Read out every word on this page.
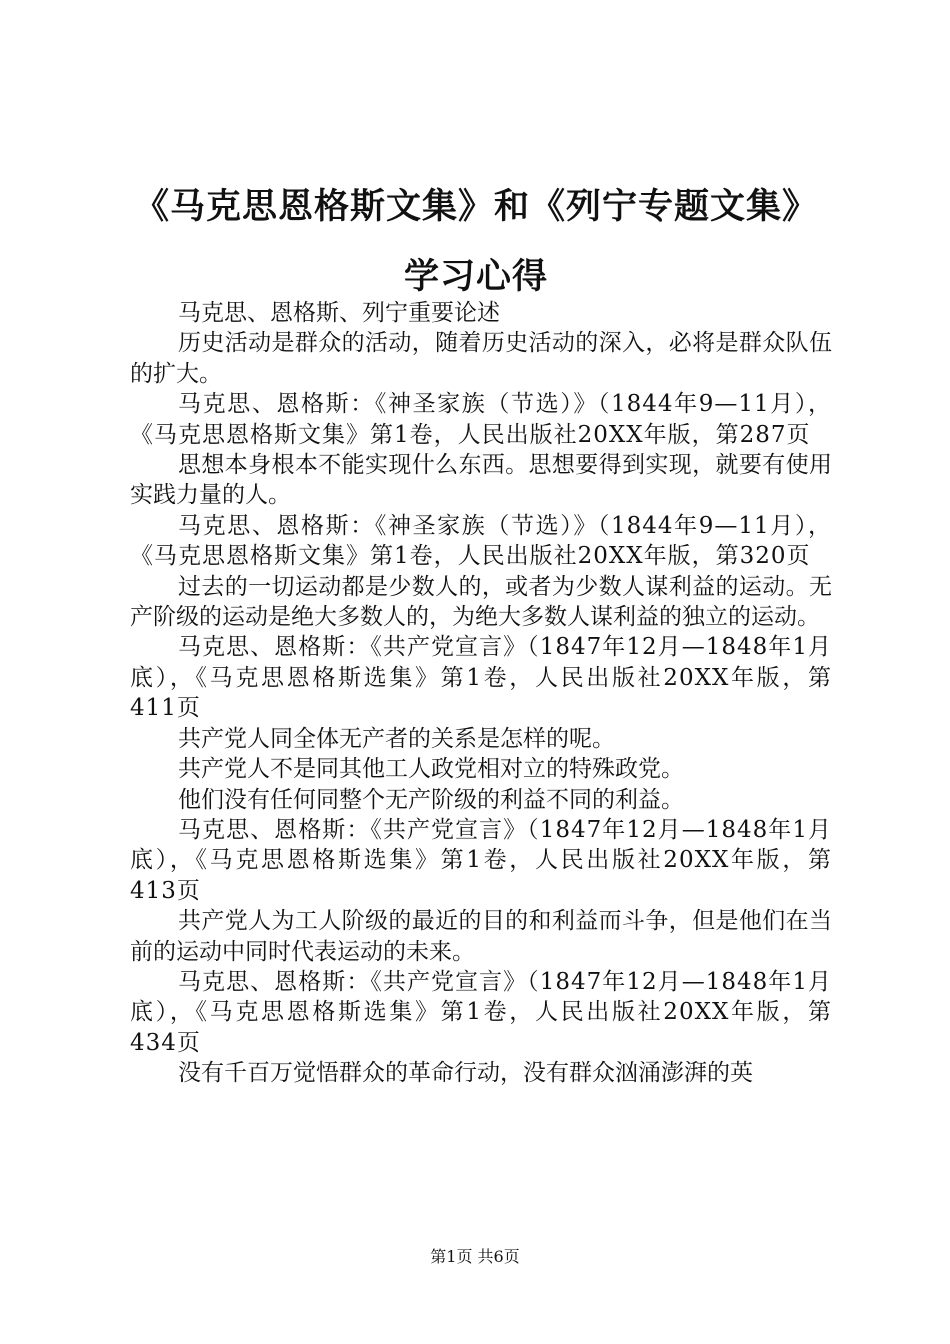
《马克思恩格斯文集》和《列宁专题文集》学习心得

马克思、恩格斯、列宁重要论述

历史活动是群众的活动，随着历史活动的深入，必将是群众队伍的扩大。

马克思、恩格斯：《神圣家族（节选）》（1844年9—11月），《马克思恩格斯文集》第1卷，人民出版社20XX年版，第287页

思想本身根本不能实现什么东西。思想要得到实现，就要有使用实践力量的人。

马克思、恩格斯：《神圣家族（节选）》（1844年9—11月），《马克思恩格斯文集》第1卷，人民出版社20XX年版，第320页

过去的一切运动都是少数人的，或者为少数人谋利益的运动。无产阶级的运动是绝大多数人的，为绝大多数人谋利益的独立的运动。

马克思、恩格斯：《共产党宣言》（1847年12月—1848年1月底），《马克思恩格斯选集》第1卷，人民出版社20XX年版，第411页

共产党人同全体无产者的关系是怎样的呢。

共产党人不是同其他工人政党相对立的特殊政党。

他们没有任何同整个无产阶级的利益不同的利益。

马克思、恩格斯：《共产党宣言》（1847年12月—1848年1月底），《马克思恩格斯选集》第1卷，人民出版社20XX年版，第413页

共产党人为工人阶级的最近的目的和利益而斗争，但是他们在当前的运动中同时代表运动的未来。

马克思、恩格斯：《共产党宣言》（1847年12月—1848年1月底），《马克思恩格斯选集》第1卷，人民出版社20XX年版，第434页

没有千百万觉悟群众的革命行动，没有群众汹涌澎湃的英

第1页 共6页
